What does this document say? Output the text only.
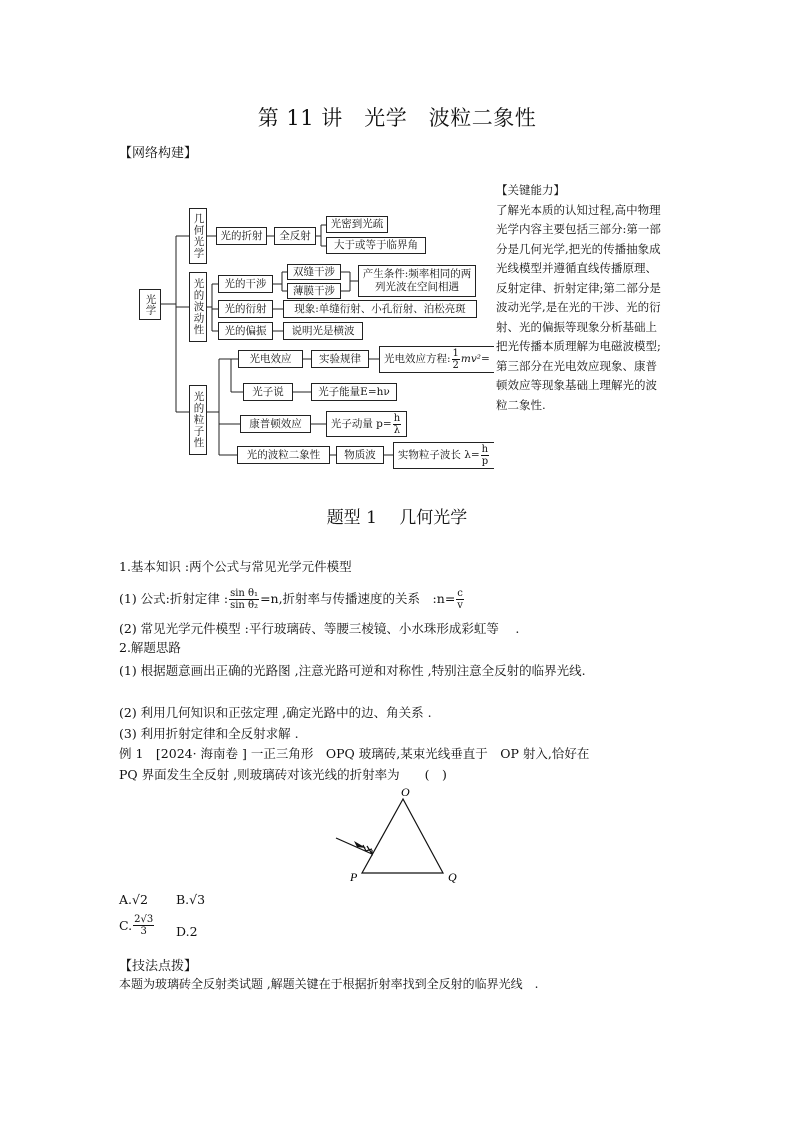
第 11 讲　光学　波粒二象性
【网络构建】
光学
几何光学
光的波动性
光的粒子性
光的折射 全反射
光密到光疏
大于或等于临界角
光的干涉
双缝干涉
薄膜干涉
产生条件:频率相同的两列光波在空间相遇
光的衍射	现象:单缝衍射、小孔衍射、泊松亮斑
光的偏振 说明光是横波
光电效应	实验规律 光电效应方程: $\frac{1}{2} mv^2=$
光子说	光子能量E=hν
康普顿效应	光子动量 $p= \frac{h}{\lambda}$
光的波粒二象性 物质波 实物粒子波长 $\lambda= \frac{h}{p}$
【关键能力】
了解光本质的认知过程,高中物理光学内容主要包括三部分:第一部分是几何光学,把光的传播抽象成光线模型并遵循直线传播原理、反射定律、折射定律;第二部分是波动光学,是在光的干涉、光的衍射、光的偏振等现象分析基础上把光传播本质理解为电磁波模型;第三部分在光电效应现象、康普顿效应等现象基础上理解光的波粒二象性.
题型 1　 几何光学
1.基本知识 :两个公式与常见光学元件模型
(1) 公式:折射定律 : $\frac{\text{sin θ₁}}{\text{sin θ₂}} =n$,折射率与传播速度的关系　:n= $\frac{c}{v}$
(2) 常见光学元件模型 :平行玻璃砖、等腰三棱镜、小水珠形成彩虹等　 .
2.解题思路
(1) 根据题意画出正确的光路图 ,注意光路可逆和对称性 ,特别注意全反射的临界光线.
(2) 利用几何知识和正弦定理 ,确定光路中的边、角关系 .
(3) 利用折射定律和全反射求解 .
例 1　[2024· 海南卷 ] 一正三角形　OPQ 玻璃砖,某束光线垂直于　OP 射入,恰好在
PQ 界面发生全反射 ,则玻璃砖对该光线的折射率为　　(　)
O
P	Q
A.√2 B.√3
C. $\frac{2√3}{3} D.2$
【技法点拨】
本题为玻璃砖全反射类试题 ,解题关键在于根据折射率找到全反射的临界光线　.
